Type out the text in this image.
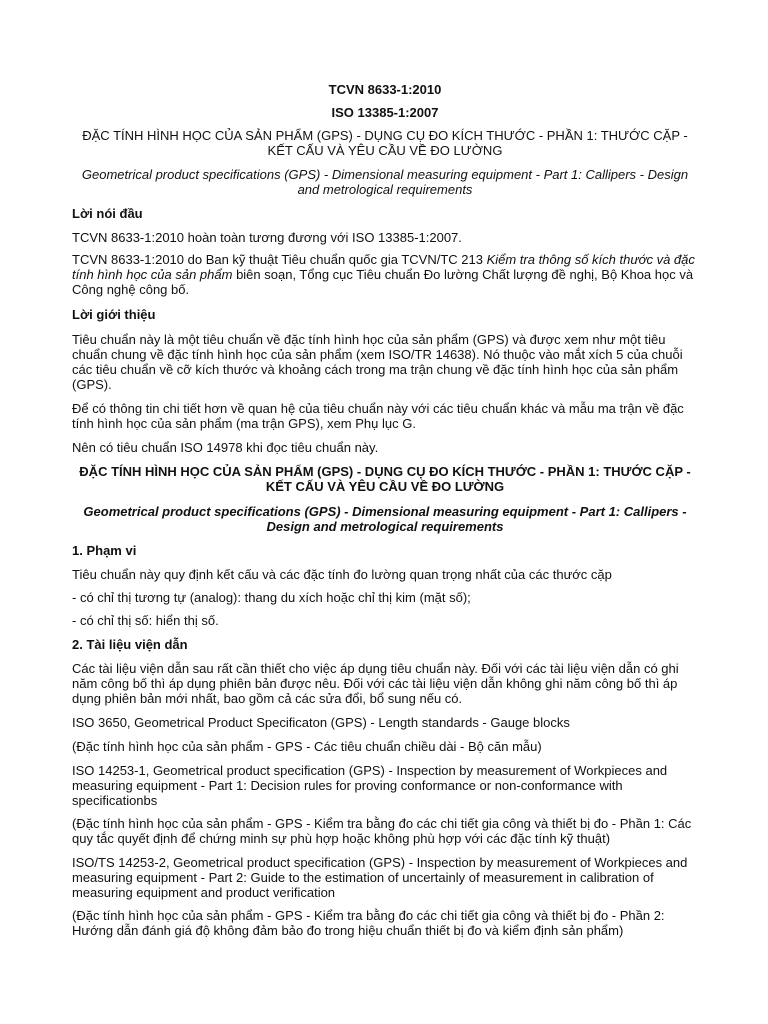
TCVN 8633-1:2010

ISO 13385-1:2007

ĐẶC TÍNH HÌNH HỌC CỦA SẢN PHẨM (GPS) - DỤNG CỤ ĐO KÍCH THƯỚC - PHẦN 1: THƯỚC CẶP - KẾT CẤU VÀ YÊU CẦU VỀ ĐO LƯỜNG

Geometrical product specifications (GPS) - Dimensional measuring equipment - Part 1: Callipers - Design and metrological requirements

Lời nói đầu

TCVN 8633-1:2010 hoàn toàn tương đương với ISO 13385-1:2007.

TCVN 8633-1:2010 do Ban kỹ thuật Tiêu chuẩn quốc gia TCVN/TC 213 Kiểm tra thông số kích thước và đặc tính hình học của sản phẩm biên soạn, Tổng cục Tiêu chuẩn Đo lường Chất lượng đề nghị, Bộ Khoa học và Công nghệ công bố.

Lời giới thiệu

Tiêu chuẩn này là một tiêu chuẩn về đặc tính hình học của sản phẩm (GPS) và được xem như một tiêu chuẩn chung về đặc tính hình học của sản phẩm (xem ISO/TR 14638). Nó thuộc vào mắt xích 5 của chuỗi các tiêu chuẩn về cỡ kích thước và khoảng cách trong ma trận chung về đặc tính hình học của sản phẩm (GPS).

Để có thông tin chi tiết hơn về quan hệ của tiêu chuẩn này với các tiêu chuẩn khác và mẫu ma trận về đặc tính hình học của sản phẩm (ma trận GPS), xem Phụ lục G.

Nên có tiêu chuẩn ISO 14978 khi đọc tiêu chuẩn này.

ĐẶC TÍNH HÌNH HỌC CỦA SẢN PHẨM (GPS) - DỤNG CỤ ĐO KÍCH THƯỚC - PHẦN 1: THƯỚC CẶP - KẾT CẤU VÀ YÊU CẦU VỀ ĐO LƯỜNG

Geometrical product specifications (GPS) - Dimensional measuring equipment - Part 1: Callipers - Design and metrological requirements

1. Phạm vi

Tiêu chuẩn này quy định kết cấu và các đặc tính đo lường quan trọng nhất của các thước cặp

- có chỉ thị tương tự (analog): thang du xích hoặc chỉ thị kim (mặt số);

- có chỉ thị số: hiển thị số.

2. Tài liệu viện dẫn

Các tài liệu viện dẫn sau rất cần thiết cho việc áp dụng tiêu chuẩn này. Đối với các tài liệu viện dẫn có ghi năm công bố thì áp dụng phiên bản được nêu. Đối với các tài liệu viện dẫn không ghi năm công bố thì áp dụng phiên bản mới nhất, bao gồm cả các sửa đổi, bổ sung nếu có.

ISO 3650, Geometrical Product Specificaton (GPS) - Length standards - Gauge blocks

(Đặc tính hình học của sản phẩm - GPS - Các tiêu chuẩn chiều dài - Bộ căn mẫu)

ISO 14253-1, Geometrical product specification (GPS) - Inspection by measurement of Workpieces and measuring equipment - Part 1: Decision rules for proving conformance or non-conformance with specificationbs

(Đặc tính hình học của sản phẩm - GPS - Kiểm tra bằng đo các chi tiết gia công và thiết bị đo - Phần 1: Các quy tắc quyết định để chứng minh sự phù hợp hoặc không phù hợp với các đặc tính kỹ thuật)

ISO/TS 14253-2, Geometrical product specification (GPS) - Inspection by measurement of Workpieces and measuring equipment - Part 2: Guide to the estimation of uncertainly of measurement in calibration of measuring equipment and product verification

(Đặc tính hình học của sản phẩm - GPS - Kiểm tra bằng đo các chi tiết gia công và thiết bị đo - Phần 2: Hướng dẫn đánh giá độ không đảm bảo đo trong hiệu chuẩn thiết bị đo và kiểm định sản phẩm)
